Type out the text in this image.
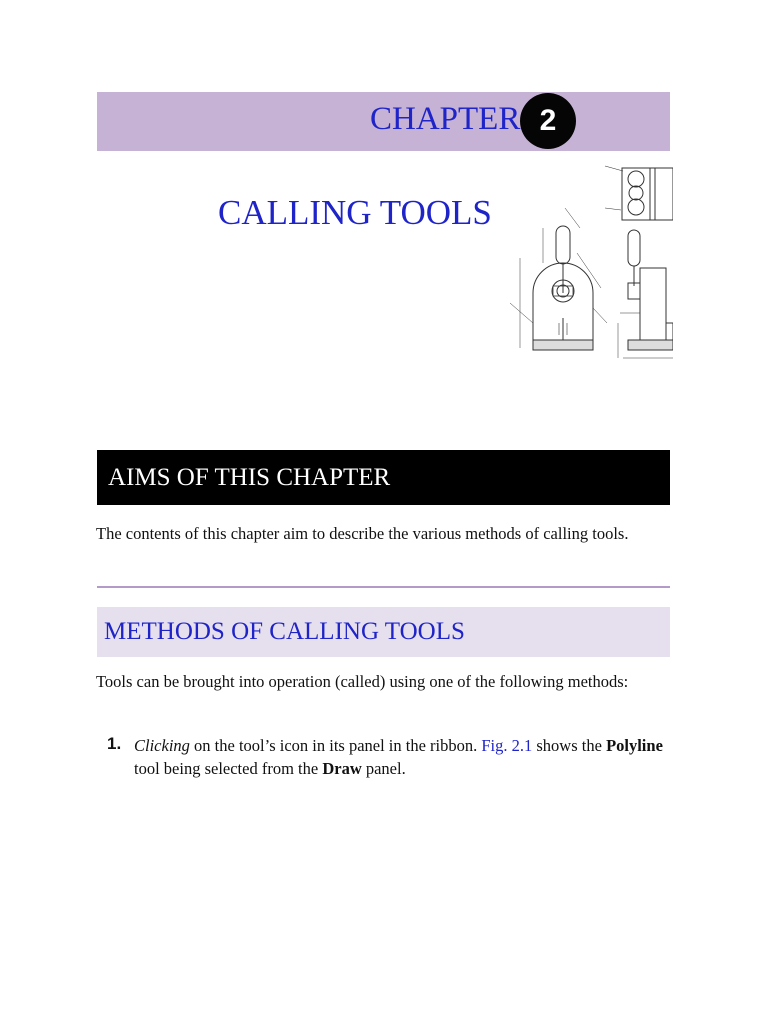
CHAPTER 2
CALLING TOOLS
AIMS OF THIS CHAPTER
The contents of this chapter aim to describe the various methods of calling tools.
METHODS OF CALLING TOOLS
Tools can be brought into operation (called) using one of the following methods:
1. Clicking on the tool’s icon in its panel in the ribbon. Fig. 2.1 shows the Polyline tool being selected from the Draw panel.
